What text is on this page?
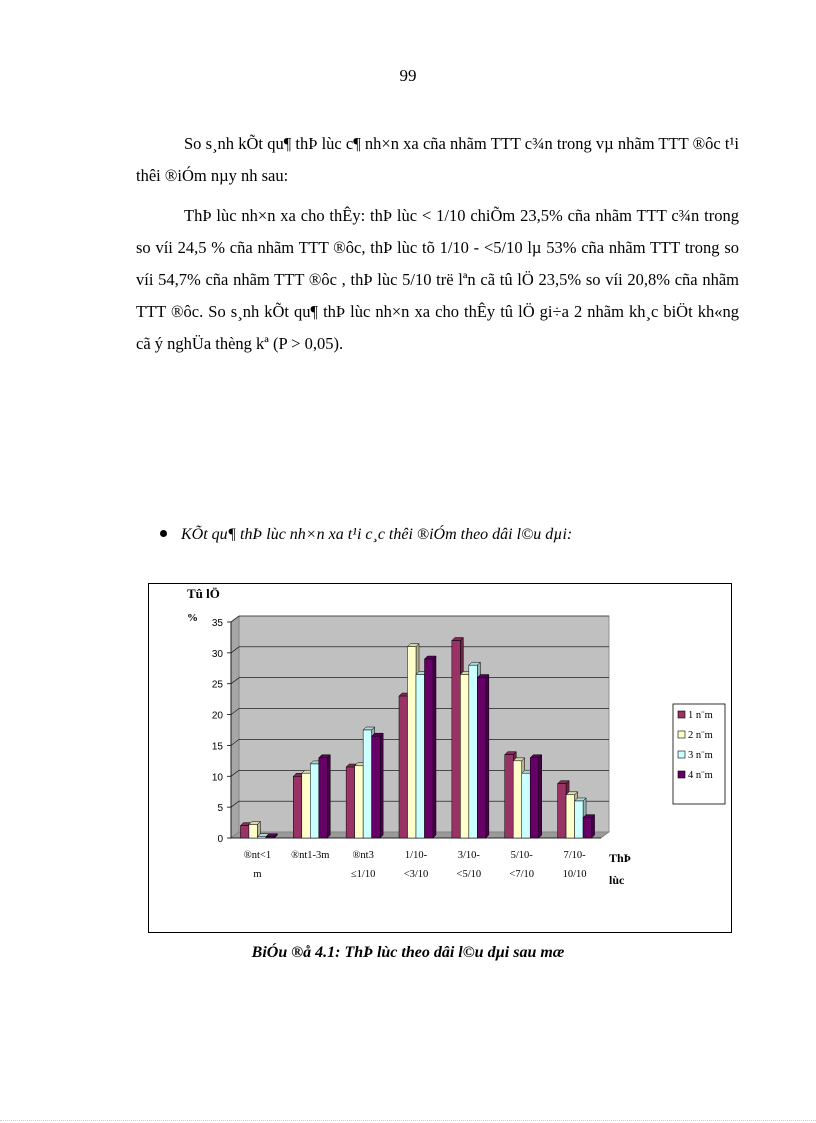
99

So s¸nh kÕt qu¶ thÞ lùc c¶ nh×n xa cña nhãm TTT c¾n trong vµ nhãm TTT ®ôc t¹i thêi ®iÓm nµy nh sau:

ThÞ lùc nh×n xa cho thÊy: thÞ lùc < 1/10 chiÕm 23,5% cña nhãm TTT c¾n trong so víi 24,5 % cña nhãm TTT ®ôc, thÞ lùc tõ 1/10 - <5/10 lµ 53% cña nhãm TTT trong so víi 54,7% cña nhãm TTT ®ôc , thÞ lùc 5/10 trë lªn cã tû lÖ 23,5% so víi 20,8% cña nhãm TTT ®ôc. So s¸nh kÕt qu¶ thÞ lùc nh×n xa cho thÊy tû lÖ gi÷a 2 nhãm kh¸c biÖt kh«ng cã ý nghÜa thèng kª (P > 0,05).

KÕt qu¶ thÞ lùc nh×n xa t¹i c¸c thêi ®iÓm theo dâi l©u dµi:
0
5
10
15
20
25
30
35
Tû lÖ
%
ThÞ
lùc
®nt<1
m
®nt1-3m ®nt3
≤1/10
1/10-
<3/10
3/10-
<5/10
5/10-
<7/10
7/10-
10/10
1 n¨m
2 n¨m
3 n¨m
4 n¨m
BiÓu ®å 4.1: ThÞ lùc theo dâi l©u dµi sau mæ
